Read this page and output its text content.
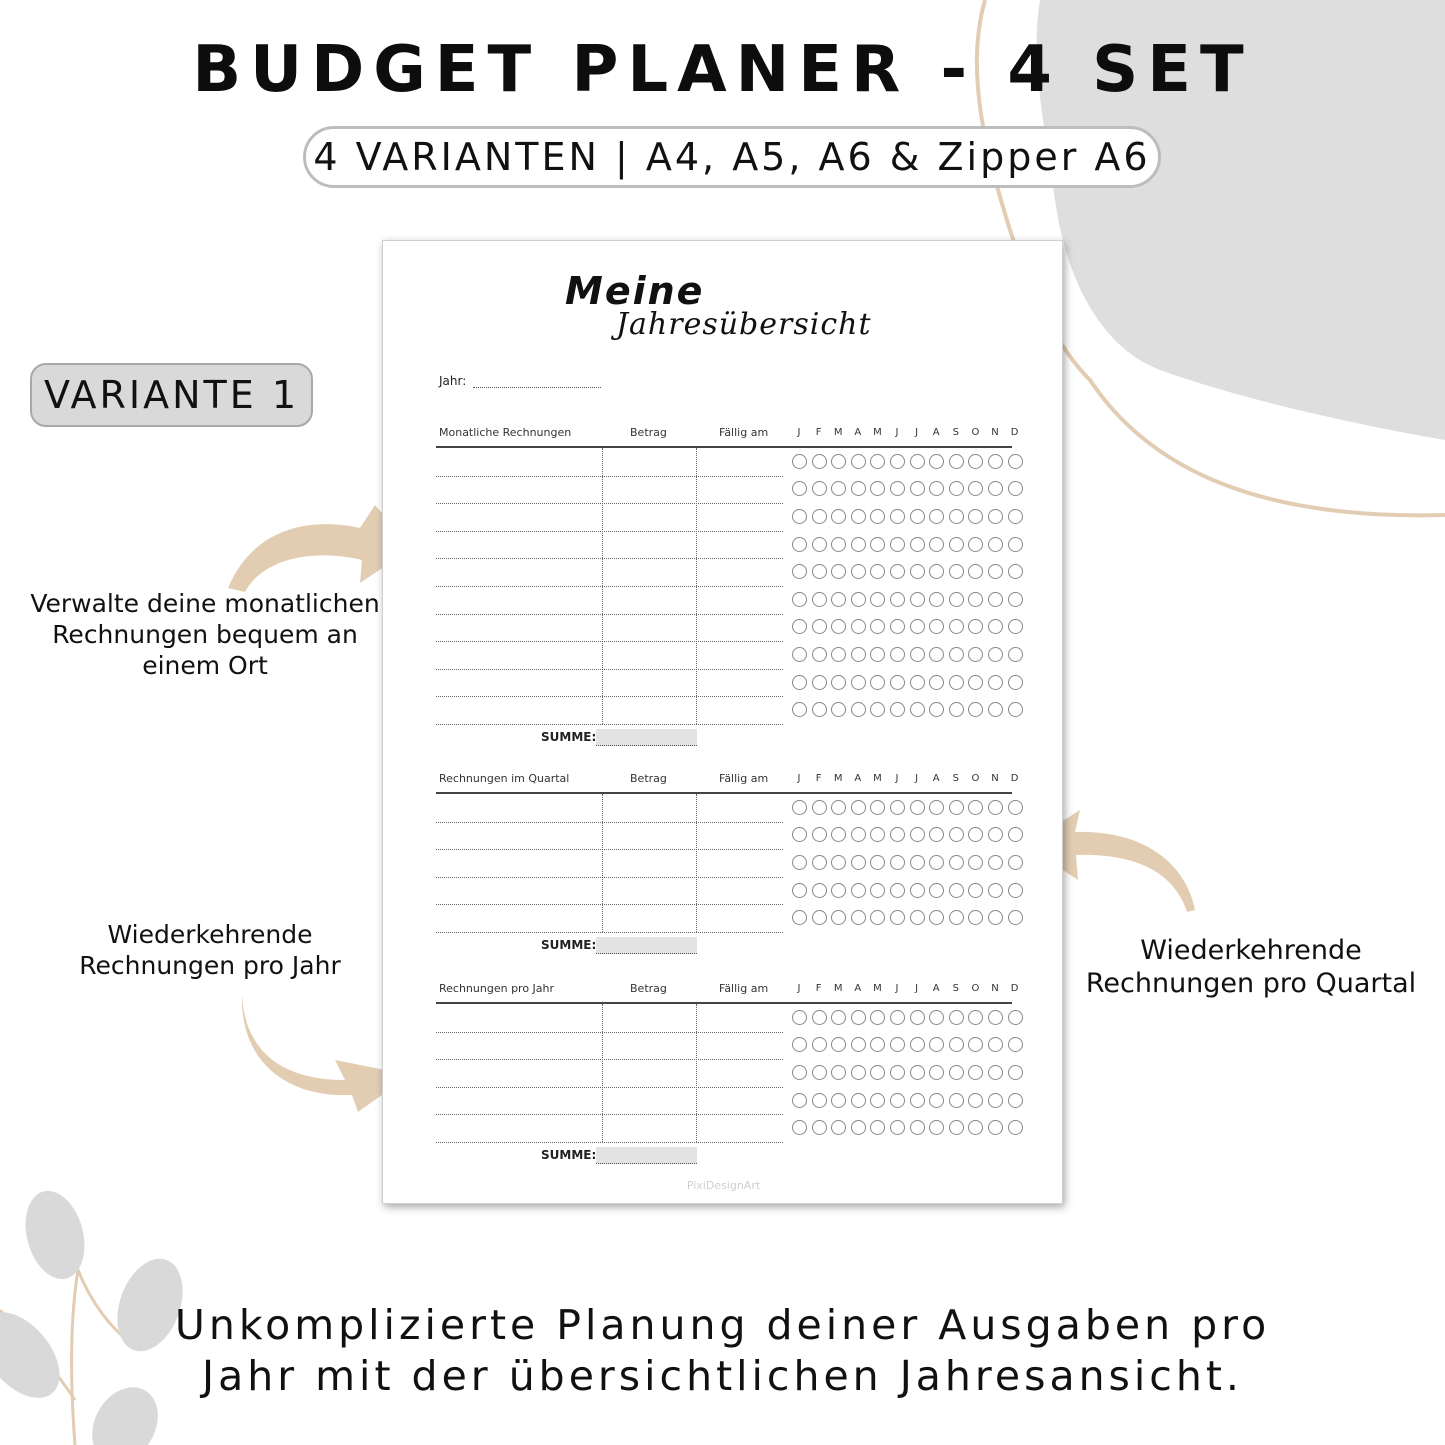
BUDGET PLANER - 4 SET
4 VARIANTEN | A4, A5, A6 & Zipper A6
VARIANTE 1
Verwalte deine monatlichen
Rechnungen bequem an
einem Ort
Wiederkehrende
Rechnungen pro Jahr	Wiederkehrende
Rechnungen pro Quartal
Meine
Jahresübersicht
Jahr:
PixiDesignArt
Monatliche Rechnungen	Betrag	Fällig am	J	F	M	A	M	J	J	A	S	O	N	D
SUMME:
Rechnungen im Quartal	Betrag	Fällig am	J	F	M	A	M	J	J	A	S	O	N	D
SUMME:
Rechnungen pro Jahr	Betrag	Fällig am	J	F	M	A	M	J	J	A	S	O	N	D
SUMME:
Unkomplizierte Planung deiner Ausgaben pro
Jahr mit der übersichtlichen Jahresansicht.
